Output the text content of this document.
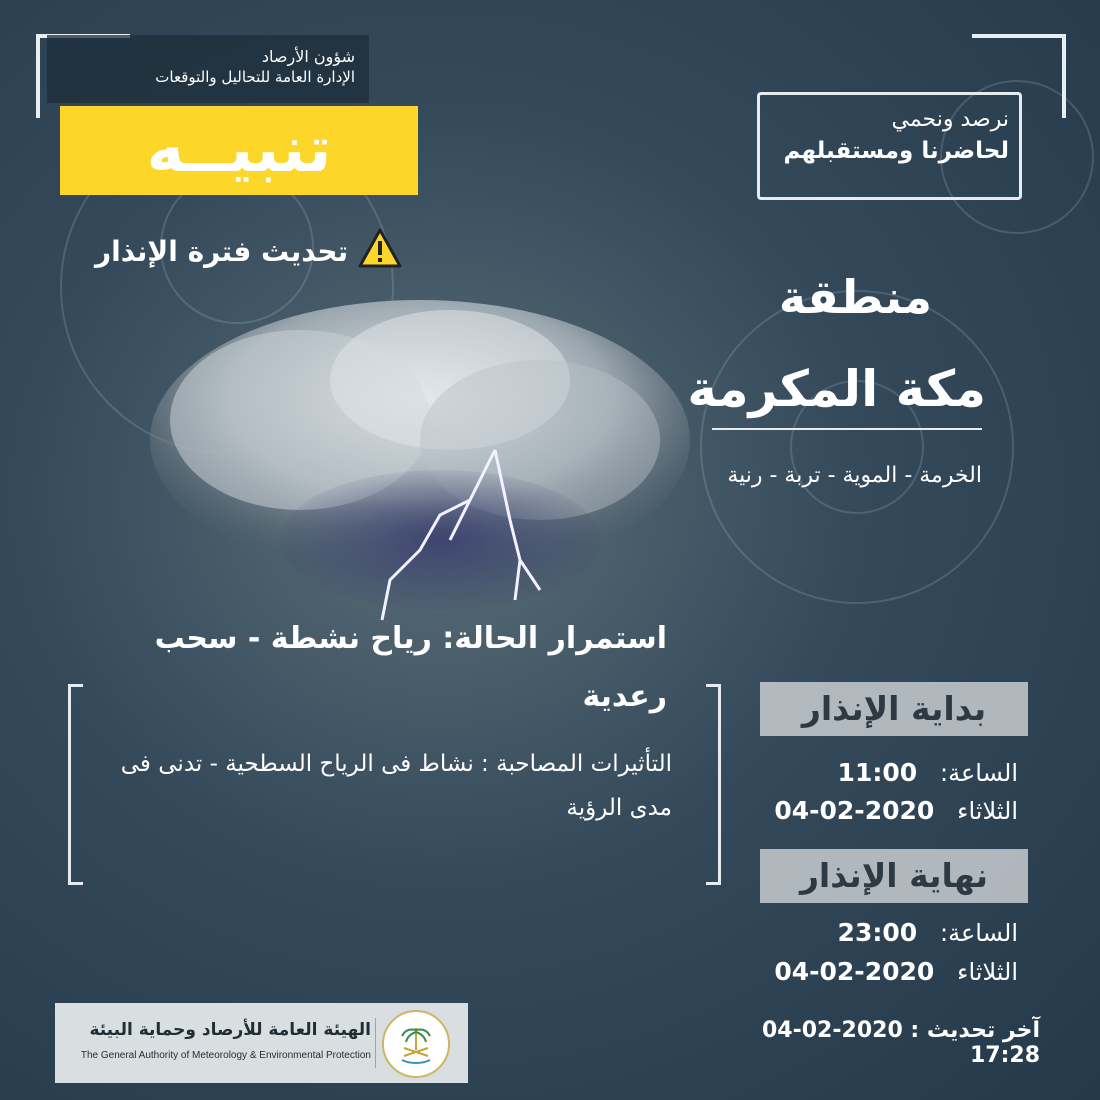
شؤون الأرصاد
الإدارة العامة للتحاليل والتوقعات
تنبيــه
تحديث فترة الإنذار
نرصد ونحمي
لحاضرنا ومستقبلهم
منطقة
مكة المكرمة
الخرمة - الموية - تربة - رنية
استمرار الحالة: رياح نشطة - سحب رعدية
التأثيرات المصاحبة : نشاط فى الرياح السطحية - تدنى فى مدى الرؤية
بداية الإنذار
الساعة:   11:00
الثلاثاء   2020-02-04
نهاية الإنذار
الساعة:   23:00
الثلاثاء   2020-02-04
آخر تحديث : 2020-02-04 17:28
الهيئة العامة للأرصاد وحماية البيئة
The General Authority of Meteorology & Environmental Protection
